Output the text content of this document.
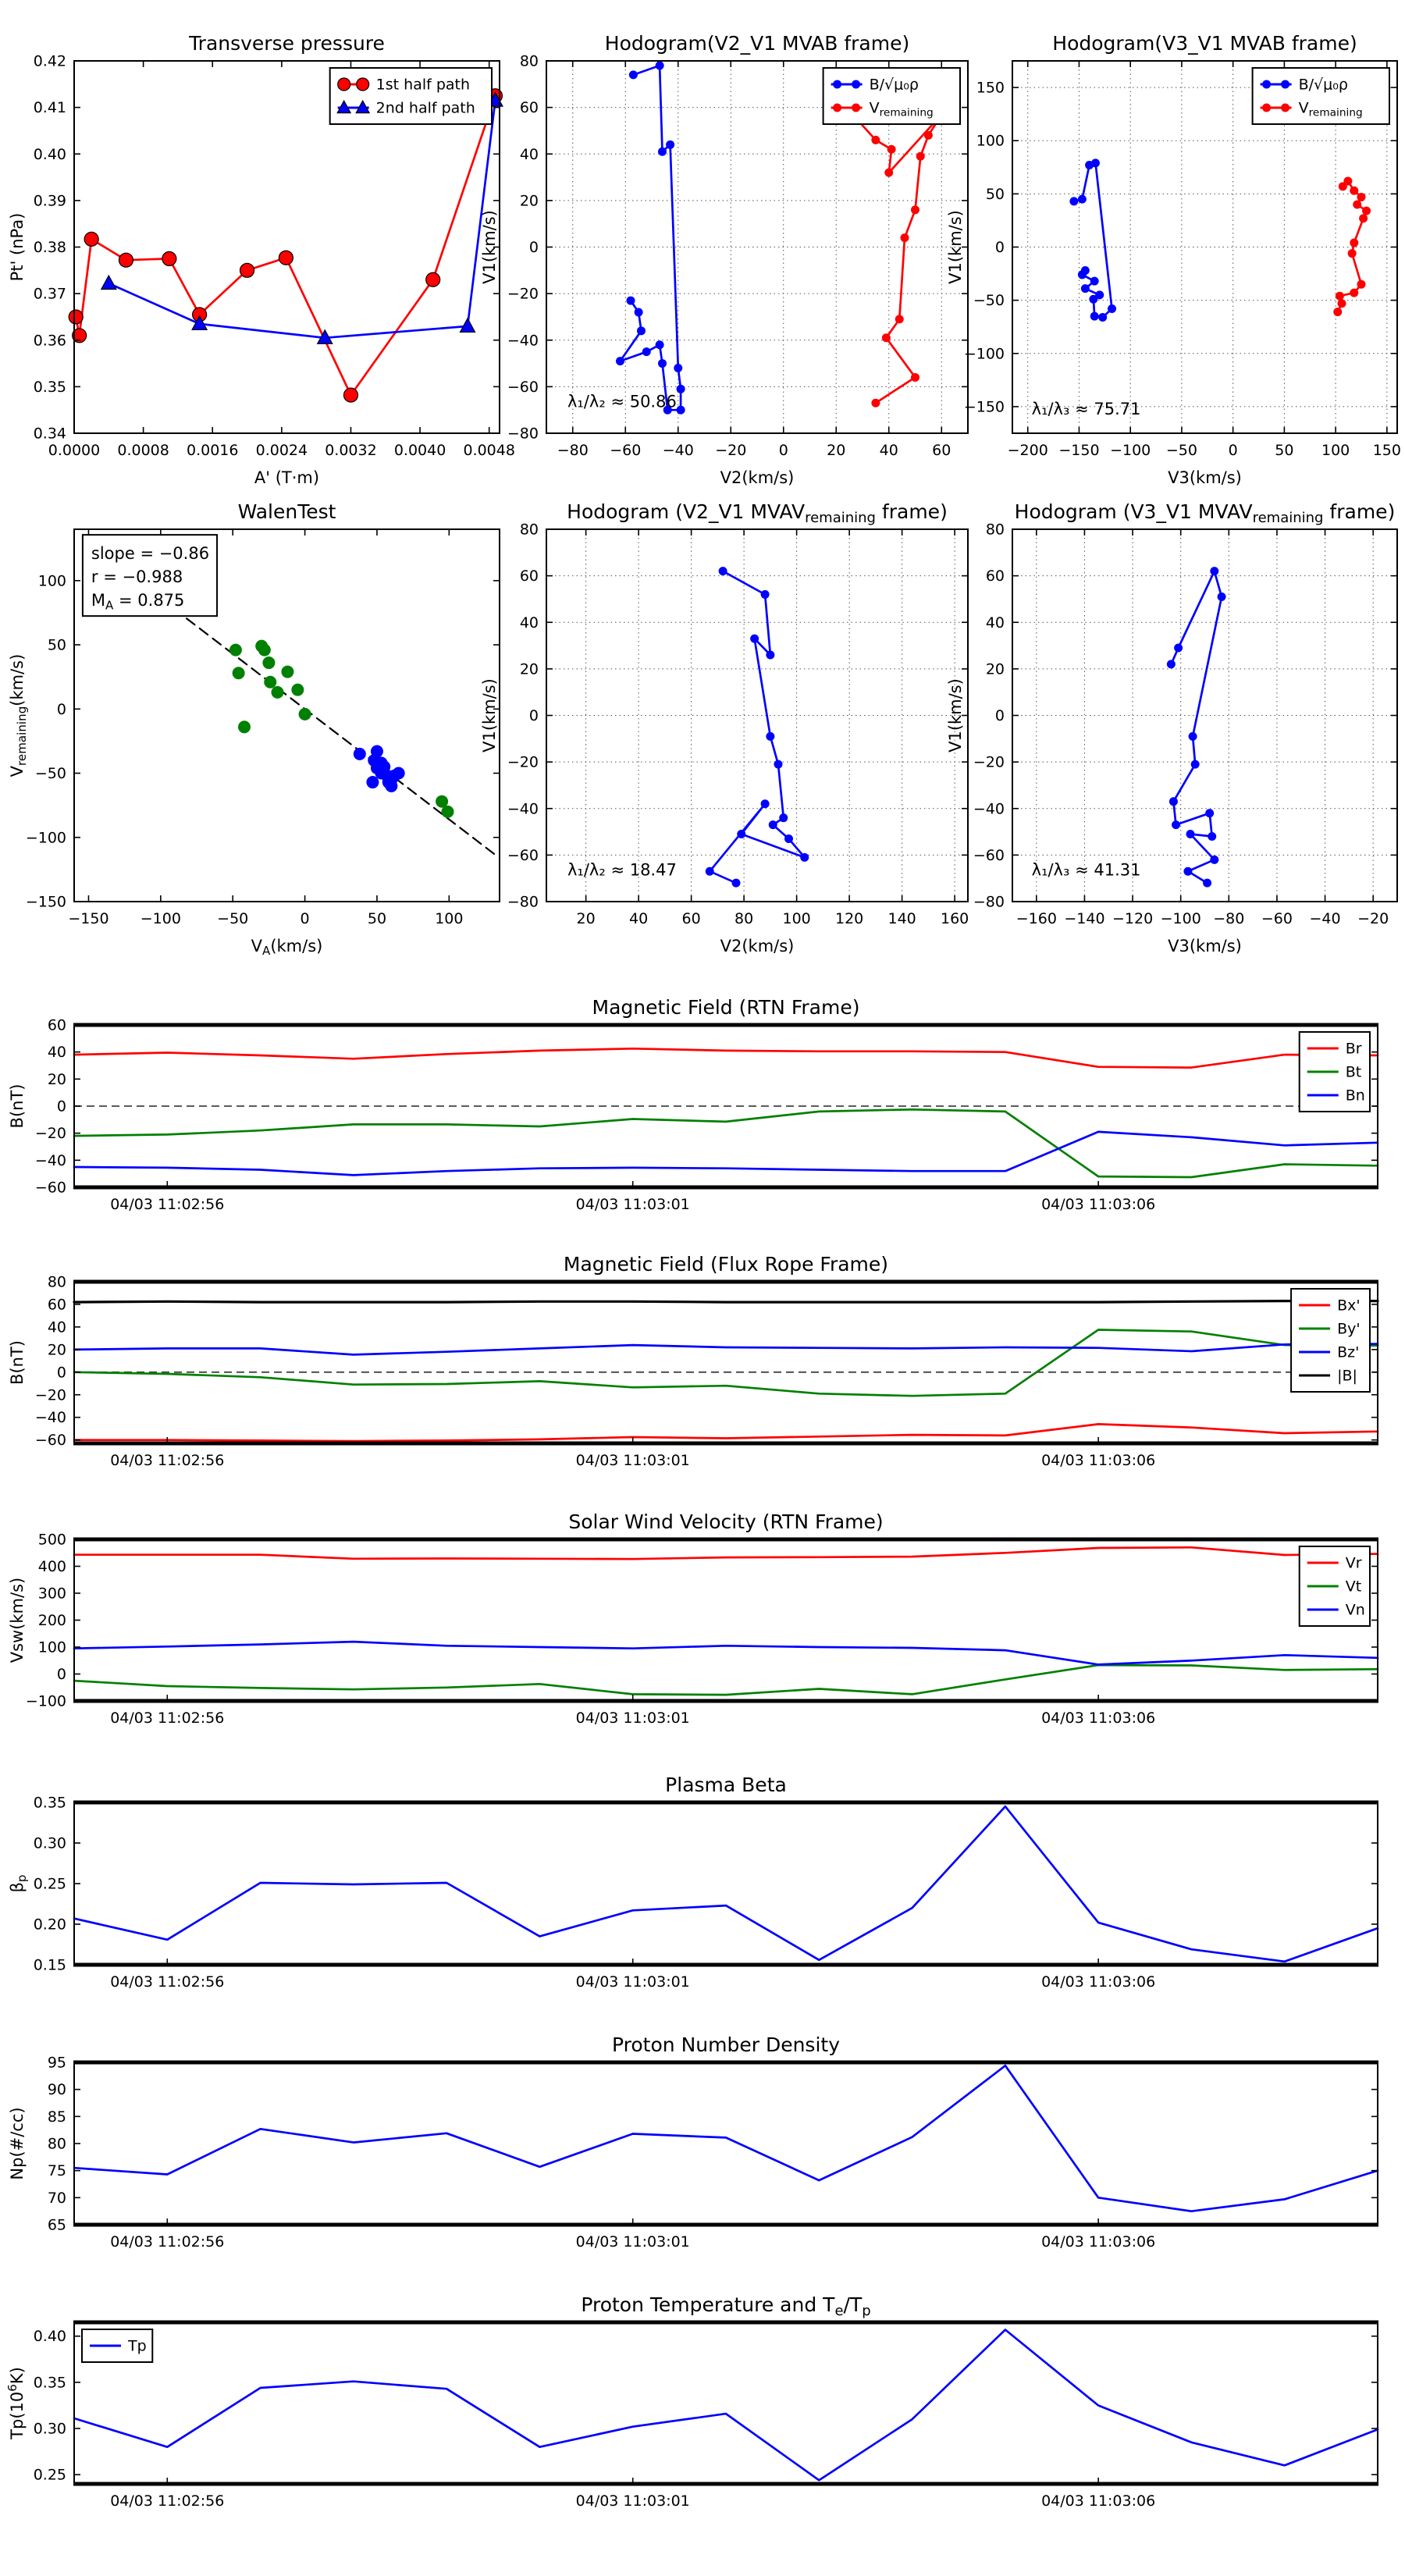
0.0000 0.0008 0.0016 0.0024 0.0032 0.0040 0.0048
0.34
0.35
0.36
0.37
0.38
0.39
0.40
0.41
0.42
Transverse pressure
A' (T·m)
Pt' (nPa)
1st half path
2nd half path
−80 −60 −40 −20 0	20 40 60
−80
−60
−40
−20
0
20
40
60
80
Hodogram(V2_V1 MVAB frame)
V2(km/s)
V1(km/s)
B/√μ₀ρ
Vremaining
λ₁/λ₂ ≈ 50.86
−200 −150 −100 −50 0	50 100 150
−150
−100
−50
0
50
100
150
Hodogram(V3_V1 MVAB frame)
V3(km/s)
V1(km/s)
B/√μ₀ρ
Vremaining
λ₁/λ₃ ≈ 75.71
−150 −100 −50	0	50	100
−150
−100
−50
0
50
100
WalenTest
$V_A(km/s)$
$V_{remaining}(km/s)$
slope = −0.86
r = −0.988
$M_A = 0.875$
20 40 60 80 100 120 140 160
−80
−60
−40
−20
0
20
40
60
80
Hodogram (V2_V1 $MVAV_{remaining}$ frame)
V2(km/s)
V1(km/s)
λ₁/λ₂ ≈ 18.47
−160 −140 −120 −100 −80 −60 −40 −20
−80
−60
−40
−20
0
20
40
60
80
Hodogram (V3_V1 $MVAV_{remaining}$ frame)
V3(km/s)
V1(km/s)
λ₁/λ₃ ≈ 41.31
04/03 11:02:56	04/03 11:03:01	04/03 11:03:06
−60
−40
−20
0
20
40
60
Magnetic Field (RTN Frame)
B(nT)
Br
Bt
Bn
04/03 11:02:56	04/03 11:03:01	04/03 11:03:06
−60
−40
−20
0
20
40
60
80
Magnetic Field (Flux Rope Frame)
B(nT)
Bx'
By'
Bz'
|B|
04/03 11:02:56	04/03 11:03:01	04/03 11:03:06
−100
0
100
200
300
400
500
Solar Wind Velocity (RTN Frame)
Vsw(km/s)
Vr
Vt
Vn
04/03 11:02:56	04/03 11:03:01	04/03 11:03:06
0.15
0.20
0.25
0.30
0.35
Plasma Beta
$\beta_p$
04/03 11:02:56	04/03 11:03:01	04/03 11:03:06
65
70
75
80
85
90
95
Proton Number Density
Np(#/cc)
04/03 11:02:56	04/03 11:03:01	04/03 11:03:06
0.25
0.30
0.35
0.40
Proton Temperature and $T_e/T_p$
$Tp(10^6K)$
Tp
